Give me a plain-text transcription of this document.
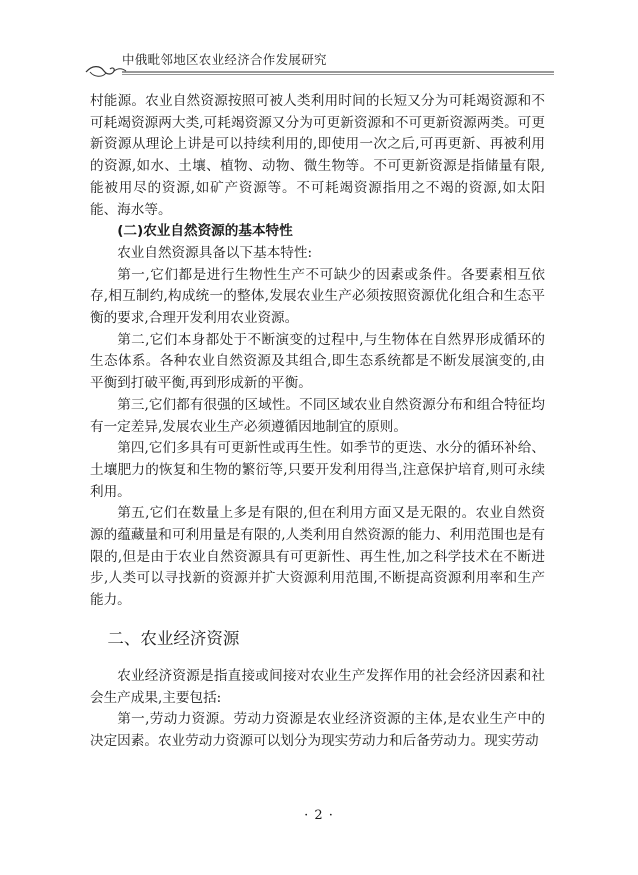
中俄毗邻地区农业经济合作发展研究

村能源。农业自然资源按照可被人类利用时间的长短又分为可耗竭资源和不可耗竭资源两大类,可耗竭资源又分为可更新资源和不可更新资源两类。可更新资源从理论上讲是可以持续利用的,即使用一次之后,可再更新、再被利用的资源,如水、土壤、植物、动物、微生物等。不可更新资源是指储量有限,能被用尽的资源,如矿产资源等。不可耗竭资源指用之不竭的资源,如太阳能、海水等。

(二)农业自然资源的基本特性

农业自然资源具备以下基本特性:

第一,它们都是进行生物性生产不可缺少的因素或条件。各要素相互依存,相互制约,构成统一的整体,发展农业生产必须按照资源优化组合和生态平衡的要求,合理开发利用农业资源。

第二,它们本身都处于不断演变的过程中,与生物体在自然界形成循环的生态体系。各种农业自然资源及其组合,即生态系统都是不断发展演变的,由平衡到打破平衡,再到形成新的平衡。

第三,它们都有很强的区域性。不同区域农业自然资源分布和组合特征均有一定差异,发展农业生产必须遵循因地制宜的原则。

第四,它们多具有可更新性或再生性。如季节的更迭、水分的循环补给、土壤肥力的恢复和生物的繁衍等,只要开发利用得当,注意保护培育,则可永续利用。

第五,它们在数量上多是有限的,但在利用方面又是无限的。农业自然资源的蕴藏量和可利用量是有限的,人类利用自然资源的能力、利用范围也是有限的,但是由于农业自然资源具有可更新性、再生性,加之科学技术在不断进步,人类可以寻找新的资源并扩大资源利用范围,不断提高资源利用率和生产能力。

二、农业经济资源

农业经济资源是指直接或间接对农业生产发挥作用的社会经济因素和社会生产成果,主要包括:

第一,劳动力资源。劳动力资源是农业经济资源的主体,是农业生产中的决定因素。农业劳动力资源可以划分为现实劳动力和后备劳动力。现实劳动

· 2 ·
